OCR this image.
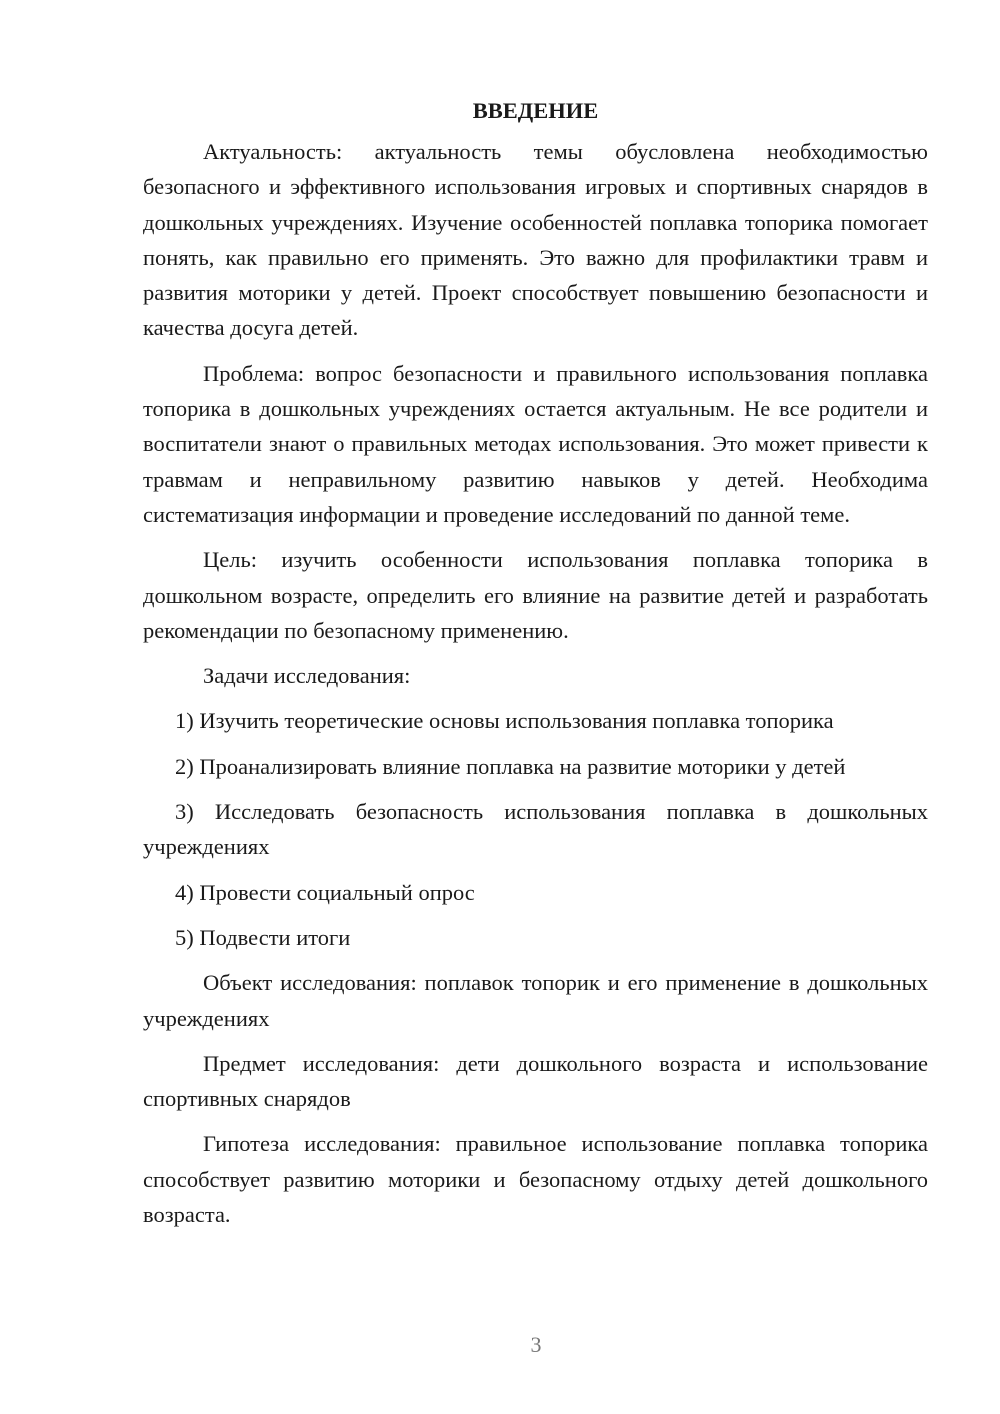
ВВЕДЕНИЕ

Актуальность: актуальность темы обусловлена необходимостью безопасного и эффективного использования игровых и спортивных снарядов в дошкольных учреждениях. Изучение особенностей поплавка топорика помогает понять, как правильно его применять. Это важно для профилактики травм и развития моторики у детей. Проект способствует повышению безопасности и качества досуга детей.

Проблема: вопрос безопасности и правильного использования поплавка топорика в дошкольных учреждениях остается актуальным. Не все родители и воспитатели знают о правильных методах использования. Это может привести к травмам и неправильному развитию навыков у детей. Необходима систематизация информации и проведение исследований по данной теме.

Цель: изучить особенности использования поплавка топорика в дошкольном возрасте, определить его влияние на развитие детей и разработать рекомендации по безопасному применению.

Задачи исследования:

1) Изучить теоретические основы использования поплавка топорика

2) Проанализировать влияние поплавка на развитие моторики у детей

3) Исследовать безопасность использования поплавка в дошкольных учреждениях

4) Провести социальный опрос

5) Подвести итоги

Объект исследования: поплавок топорик и его применение в дошкольных учреждениях

Предмет исследования: дети дошкольного возраста и использование спортивных снарядов

Гипотеза исследования: правильное использование поплавка топорика способствует развитию моторики и безопасному отдыху детей дошкольного возраста.

3
